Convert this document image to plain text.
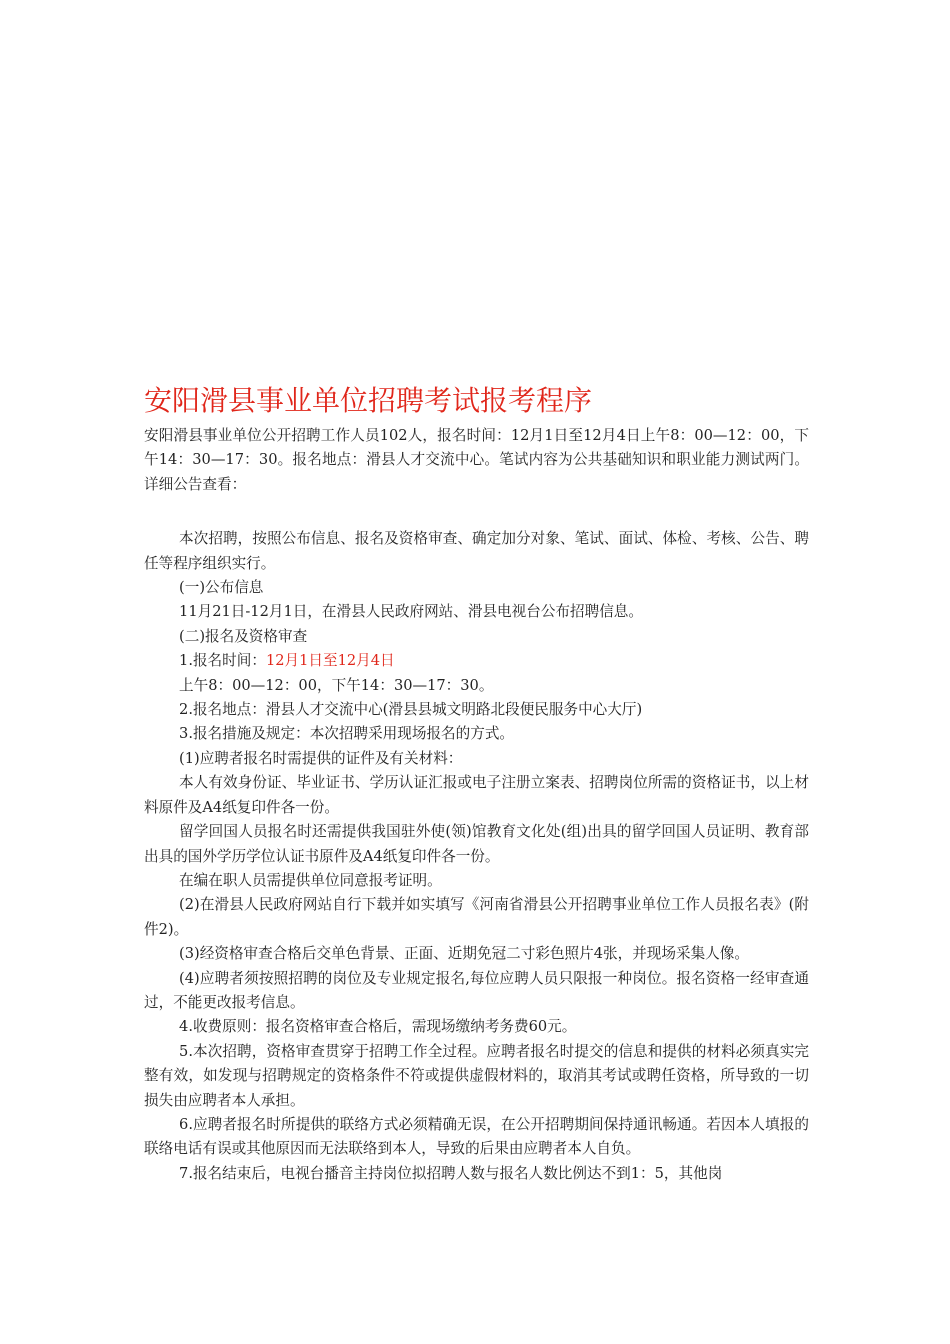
安阳滑县事业单位招聘考试报考程序

安阳滑县事业单位公开招聘工作人员102人，报名时间：12月1日至12月4日上午8：00—12：00，下午14：30—17：30。报名地点：滑县人才交流中心。笔试内容为公共基础知识和职业能力测试两门。详细公告查看：

本次招聘，按照公布信息、报名及资格审查、确定加分对象、笔试、面试、体检、考核、公告、聘任等程序组织实行。

(一)公布信息

11月21日-12月1日，在滑县人民政府网站、滑县电视台公布招聘信息。

(二)报名及资格审查

1.报名时间：12月1日至12月4日

上午8：00—12：00，下午14：30—17：30。

2.报名地点：滑县人才交流中心(滑县县城文明路北段便民服务中心大厅)

3.报名措施及规定：本次招聘采用现场报名的方式。

(1)应聘者报名时需提供的证件及有关材料：

本人有效身份证、毕业证书、学历认证汇报或电子注册立案表、招聘岗位所需的资格证书，以上材料原件及A4纸复印件各一份。

留学回国人员报名时还需提供我国驻外使(领)馆教育文化处(组)出具的留学回国人员证明、教育部出具的国外学历学位认证书原件及A4纸复印件各一份。

在编在职人员需提供单位同意报考证明。

(2)在滑县人民政府网站自行下载并如实填写《河南省滑县公开招聘事业单位工作人员报名表》(附件2)。

(3)经资格审查合格后交单色背景、正面、近期免冠二寸彩色照片4张，并现场采集人像。

(4)应聘者须按照招聘的岗位及专业规定报名,每位应聘人员只限报一种岗位。报名资格一经审查通过，不能更改报考信息。

4.收费原则：报名资格审查合格后，需现场缴纳考务费60元。

5.本次招聘，资格审查贯穿于招聘工作全过程。应聘者报名时提交的信息和提供的材料必须真实完整有效，如发现与招聘规定的资格条件不符或提供虚假材料的，取消其考试或聘任资格，所导致的一切损失由应聘者本人承担。

6.应聘者报名时所提供的联络方式必须精确无误，在公开招聘期间保持通讯畅通。若因本人填报的联络电话有误或其他原因而无法联络到本人，导致的后果由应聘者本人自负。

7.报名结束后，电视台播音主持岗位拟招聘人数与报名人数比例达不到1：5，其他岗
